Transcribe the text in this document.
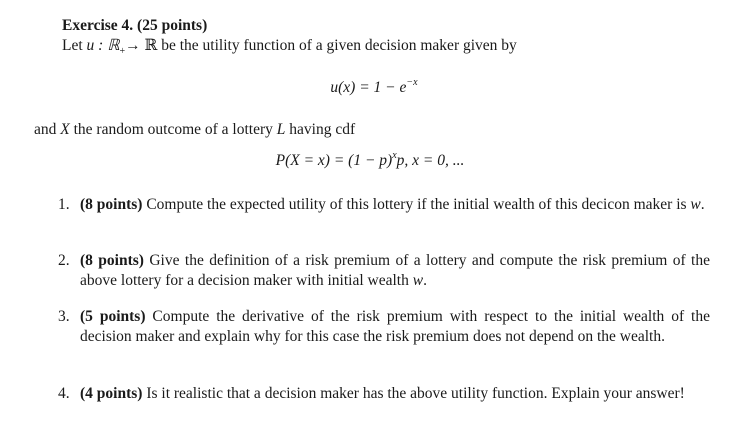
Exercise 4. (25 points)
Let u : ℝ$_+$→ ℝ be the utility function of a given decision maker given by
$u(x) = 1 - e^{-x}$
and X the random outcome of a lottery L having cdf
$P(X = x) = (1 - p)^xp$, x = 0, ...
1. (8 points) Compute the expected utility of this lottery if the initial wealth of this decicon maker is w.
2. (8 points) Give the definition of a risk premium of a lottery and compute the risk premium of the above lottery for a decision maker with initial wealth w.
3. (5 points) Compute the derivative of the risk premium with respect to the initial wealth of the decision maker and explain why for this case the risk premium does not depend on the wealth.
4. (4 points) Is it realistic that a decision maker has the above utility function. Explain your answer!
